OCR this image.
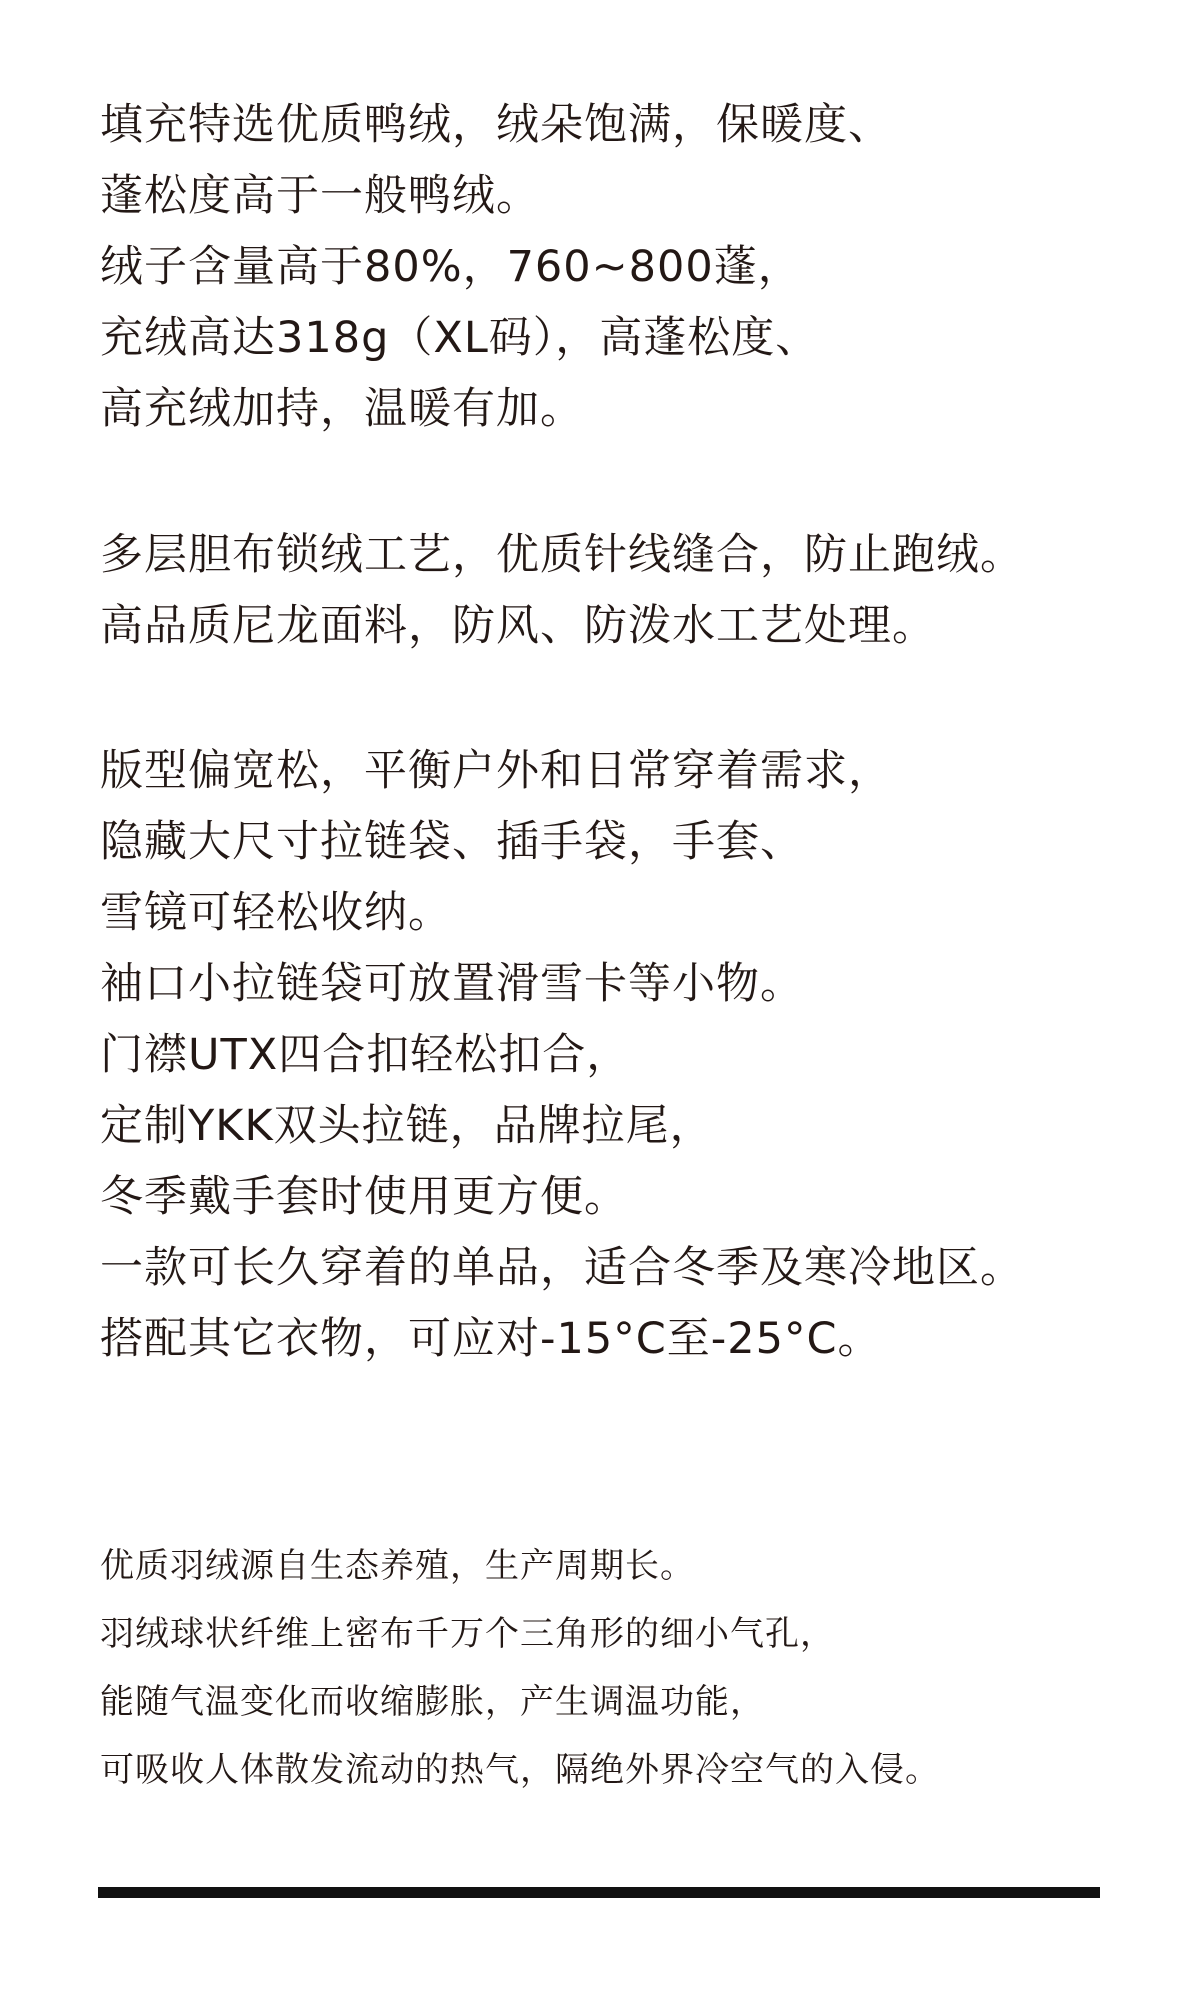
填充特选优质鸭绒，绒朵饱满，保暖度、
蓬松度高于一般鸭绒。
绒子含量高于80%，760~800蓬，
充绒高达318g（XL码），高蓬松度、
高充绒加持，温暖有加。
多层胆布锁绒工艺，优质针线缝合，防止跑绒。
高品质尼龙面料，防风、防泼水工艺处理。
版型偏宽松，平衡户外和日常穿着需求，
隐藏大尺寸拉链袋、插手袋，手套、
雪镜可轻松收纳。
袖口小拉链袋可放置滑雪卡等小物。
门襟UTX四合扣轻松扣合，
定制YKK双头拉链，品牌拉尾，
冬季戴手套时使用更方便。
一款可长久穿着的单品，适合冬季及寒冷地区。
搭配其它衣物，可应对-15°C至-25°C。
优质羽绒源自生态养殖，生产周期长。
羽绒球状纤维上密布千万个三角形的细小气孔，
能随气温变化而收缩膨胀，产生调温功能，
可吸收人体散发流动的热气，隔绝外界冷空气的入侵。
